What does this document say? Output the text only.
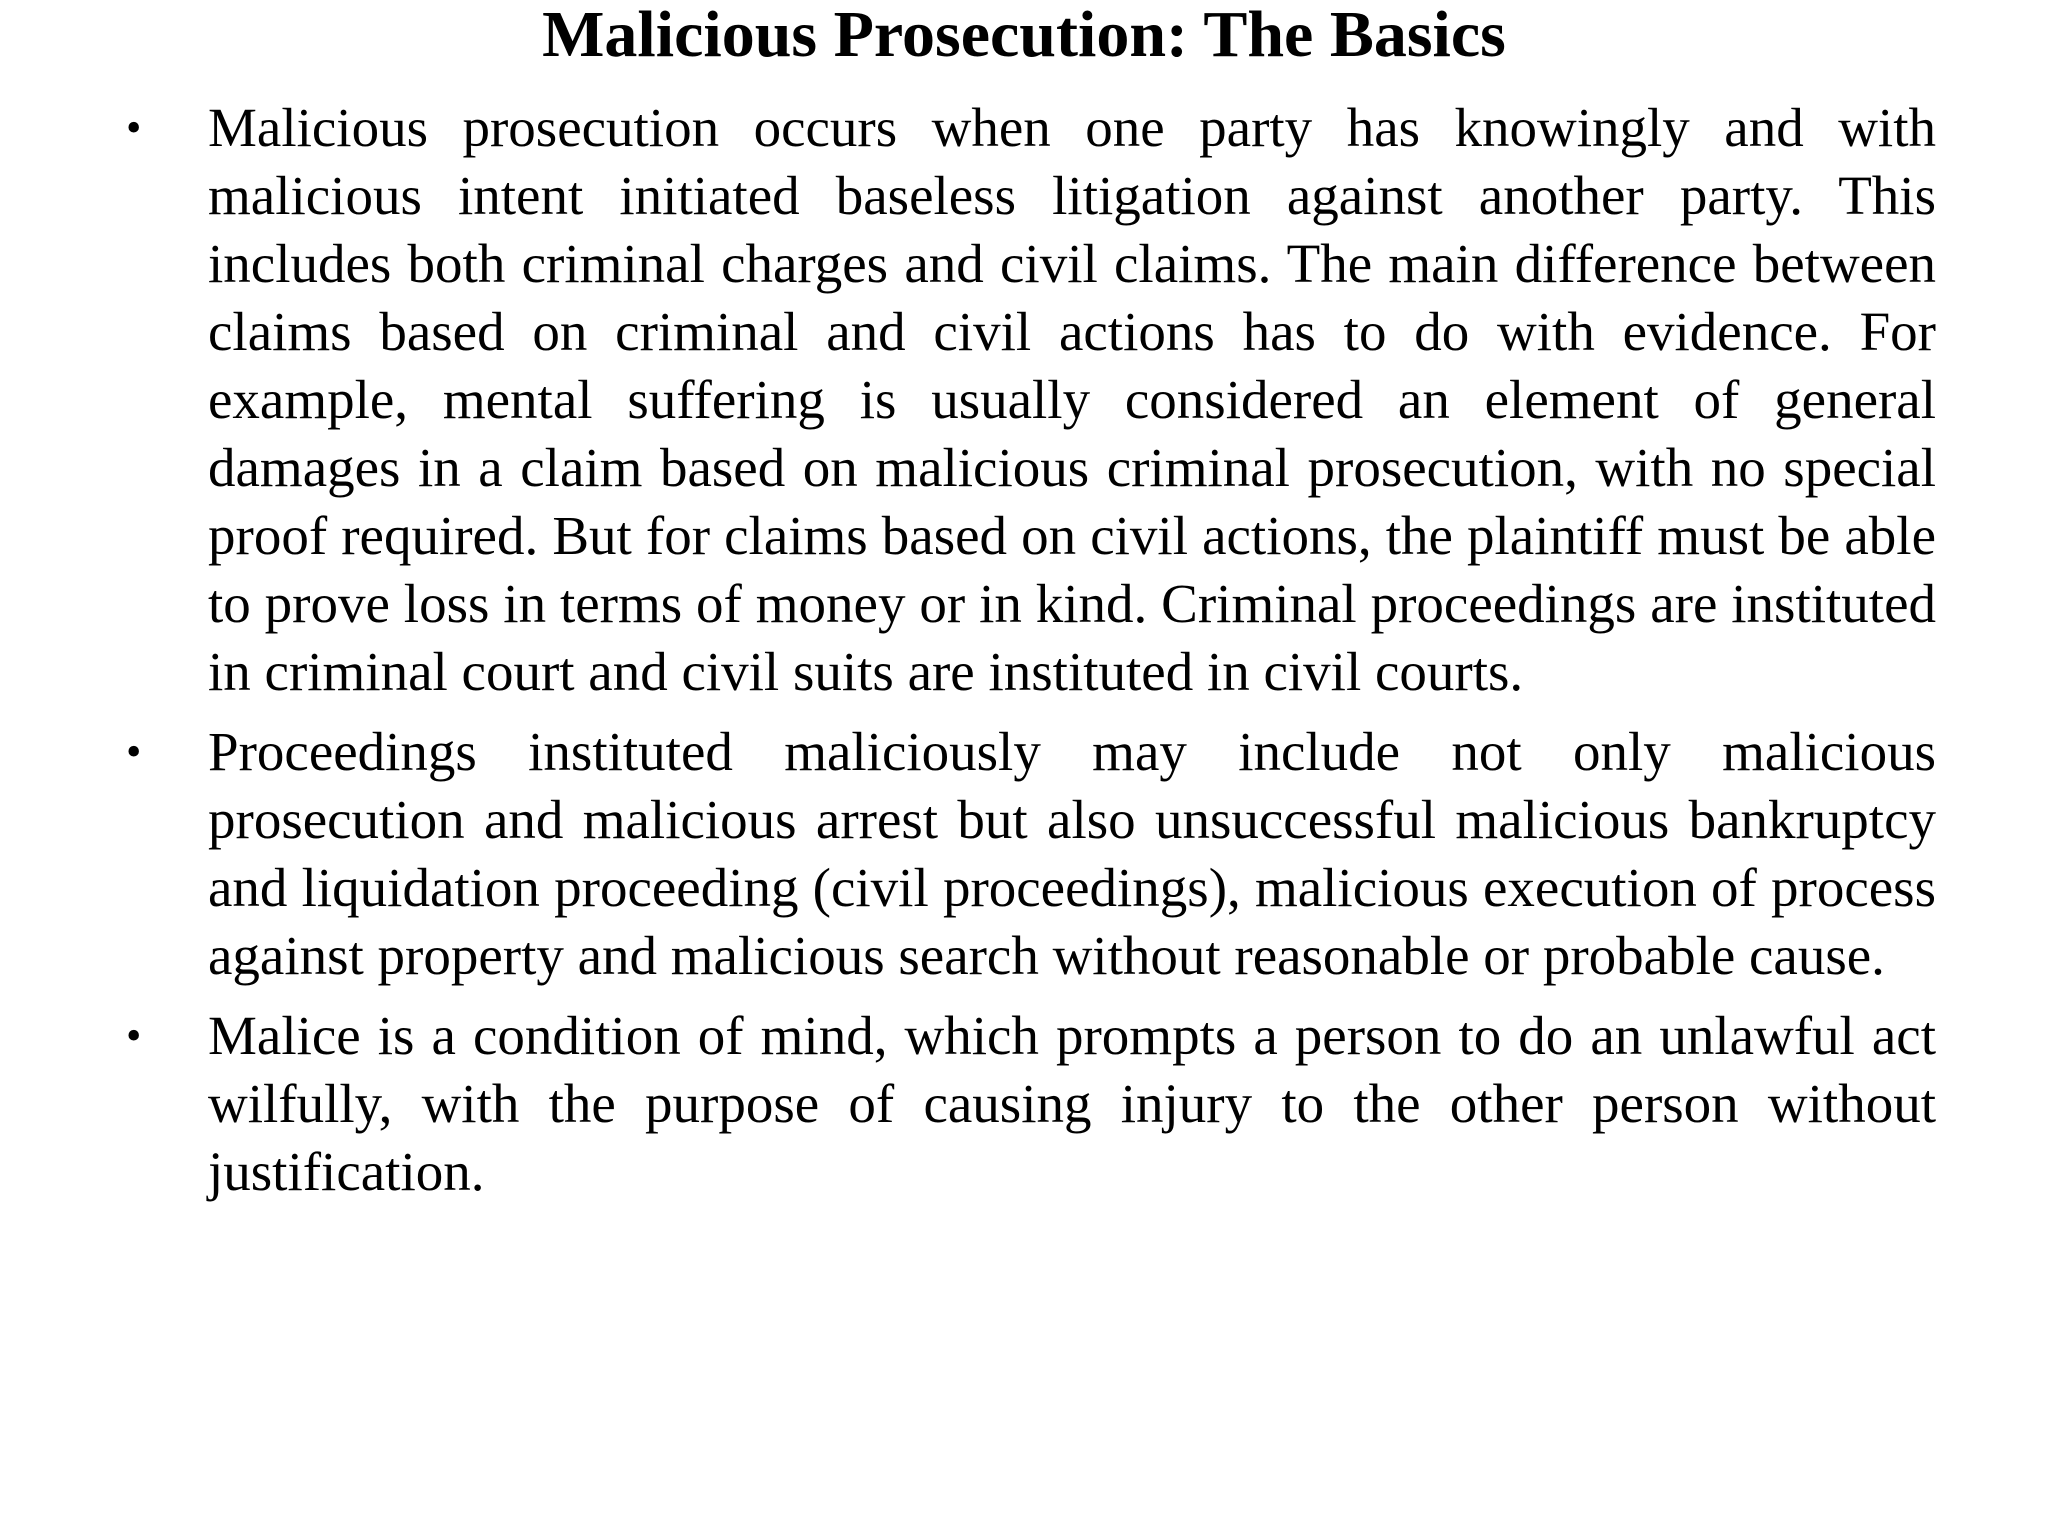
Malicious Prosecution: The Basics
• Malicious prosecution occurs when one party has knowingly and with malicious intent initiated baseless litigation against another party. This includes both criminal charges and civil claims. The main difference between claims based on criminal and civil actions has to do with evidence. For example, mental suffering is usually considered an element of general damages in a claim based on malicious criminal prosecution, with no special proof required. But for claims based on civil actions, the plaintiff must be able to prove loss in terms of money or in kind. Criminal proceedings are instituted in criminal court and civil suits are instituted in civil courts.
• Proceedings instituted maliciously may include not only malicious prosecution and malicious arrest but also unsuccessful malicious bankruptcy and liquidation proceeding (civil proceedings), malicious execution of process against property and malicious search without reasonable or probable cause.
• Malice is a condition of mind, which prompts a person to do an unlawful act wilfully, with the purpose of causing injury to the other person without justification.
